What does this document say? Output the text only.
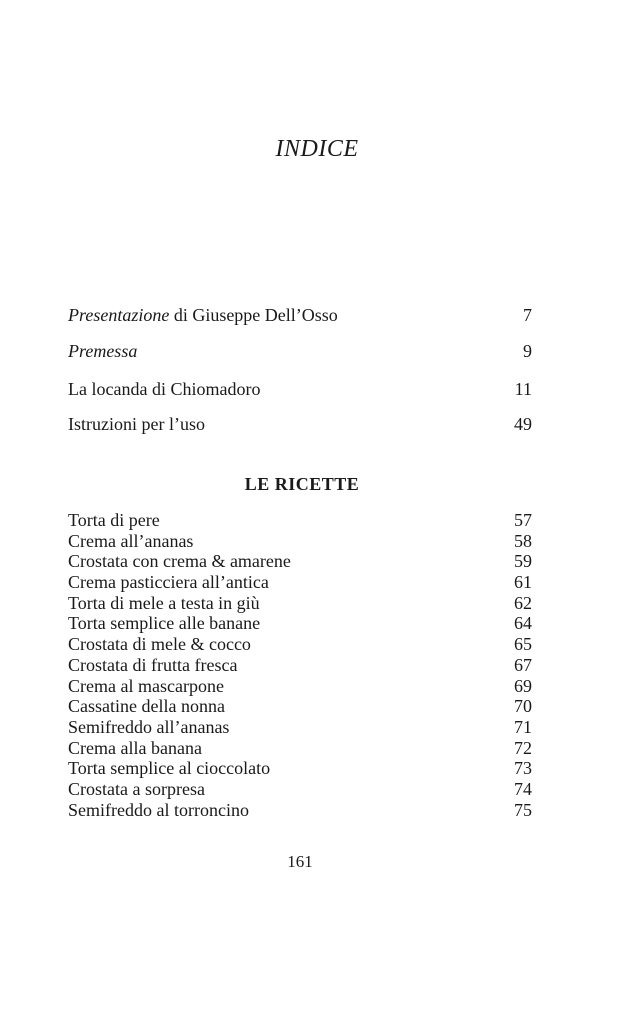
INDICE
Presentazione di Giuseppe Dell’Osso	7
Premessa	9
La locanda di Chiomadoro	11
Istruzioni per l’uso	49
LE RICETTE
Torta di pere	57
Crema all’ananas	58
Crostata con crema & amarene	59
Crema pasticciera all’antica	61
Torta di mele a testa in giù	62
Torta semplice alle banane	64
Crostata di mele & cocco	65
Crostata di frutta fresca	67
Crema al mascarpone	69
Cassatine della nonna	70
Semifreddo all’ananas	71
Crema alla banana	72
Torta semplice al cioccolato	73
Crostata a sorpresa	74
Semifreddo al torroncino	75
161
